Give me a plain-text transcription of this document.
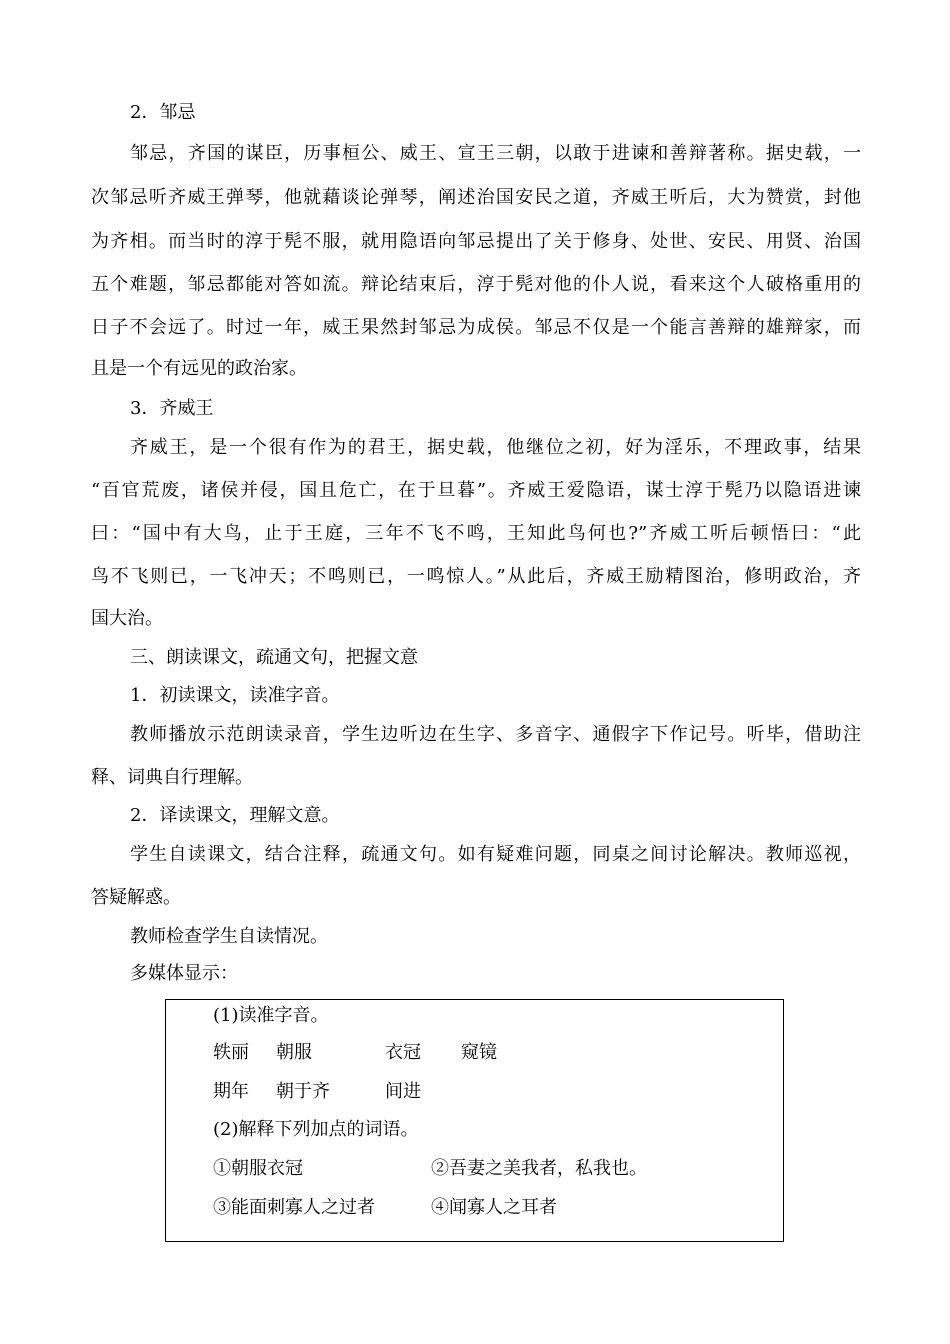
2．邹忌
邹忌，齐国的谋臣，历事桓公、威王、宣王三朝，以敢于进谏和善辩著称。据史载，一
次邹忌听齐威王弹琴，他就藉谈论弹琴，阐述治国安民之道，齐威王听后，大为赞赏，封他
为齐相。而当时的淳于髡不服，就用隐语向邹忌提出了关于修身、处世、安民、用贤、治国
五个难题，邹忌都能对答如流。辩论结束后，淳于髡对他的仆人说，看来这个人破格重用的
日子不会远了。时过一年，威王果然封邹忌为成侯。邹忌不仅是一个能言善辩的雄辩家，而
且是一个有远见的政治家。
3．齐威王
齐威王，是一个很有作为的君王，据史载，他继位之初，好为淫乐，不理政事，结果
“百官荒废，诸侯并侵，国且危亡，在于旦暮”。齐威王爱隐语，谋士淳于髡乃以隐语进谏
曰：“国中有大鸟，止于王庭，三年不飞不鸣，王知此鸟何也?”齐威工听后顿悟曰：“此
鸟不飞则已，一飞冲天；不鸣则已，一鸣惊人。”从此后，齐威王励精图治，修明政治，齐
国大治。
三、朗读课文，疏通文句，把握文意
1．初读课文，读准字音。
教师播放示范朗读录音，学生边听边在生字、多音字、通假字下作记号。听毕，借助注
释、词典自行理解。
2．译读课文，理解文意。
学生自读课文，结合注释，疏通文句。如有疑难问题，同桌之间讨论解决。教师巡视，
答疑解惑。
教师检查学生自读情况。
多媒体显示：
(1)读准字音。
轶丽 朝服	衣冠 窥镜
期年 朝于齐	间进
(2)解释下列加点的词语。
①朝服衣冠	②吾妻之美我者，私我也。
③能面刺寡人之过者	④闻寡人之耳者
